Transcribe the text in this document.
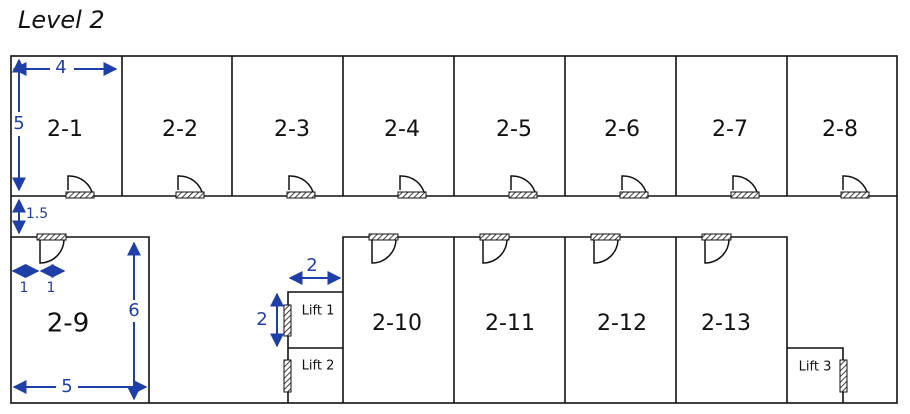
Level 2
2-1	2-2	2-3	2-4	2-5	2-6	2-7	2-8
2-9	2-10	2-11	2-12 2-13
Lift 1
Lift 2	Lift 3
4
5
1.5
1 1
6
5
2
2
